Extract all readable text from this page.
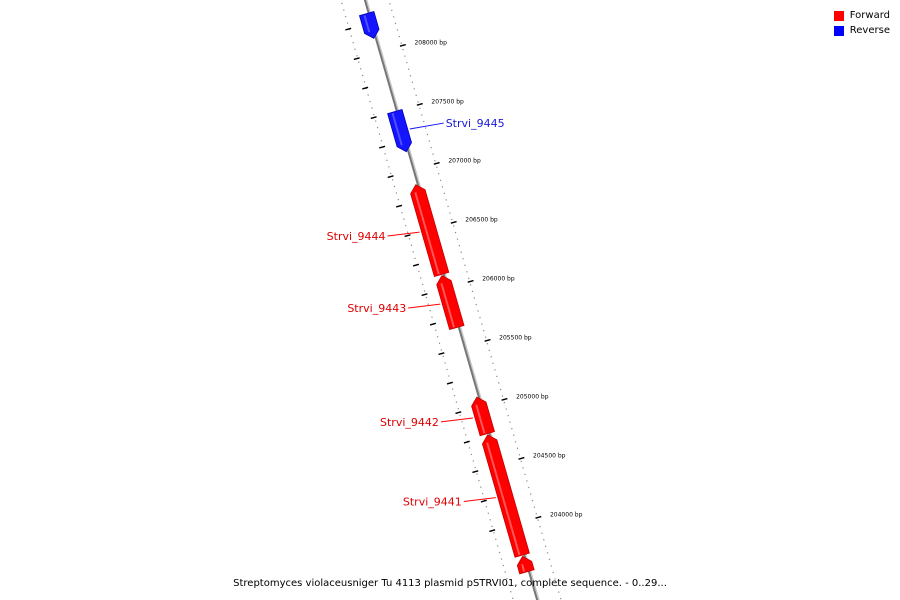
208000 bp
207500 bp
207000 bp
206500 bp
206000 bp
205500 bp
205000 bp
204500 bp
204000 bp
Strvi_9445
Strvi_9444
Strvi_9443
Strvi_9442
Strvi_9441
Forward
Reverse
Streptomyces violaceusniger Tu 4113 plasmid pSTRVI01, complete sequence. - 0..29...
